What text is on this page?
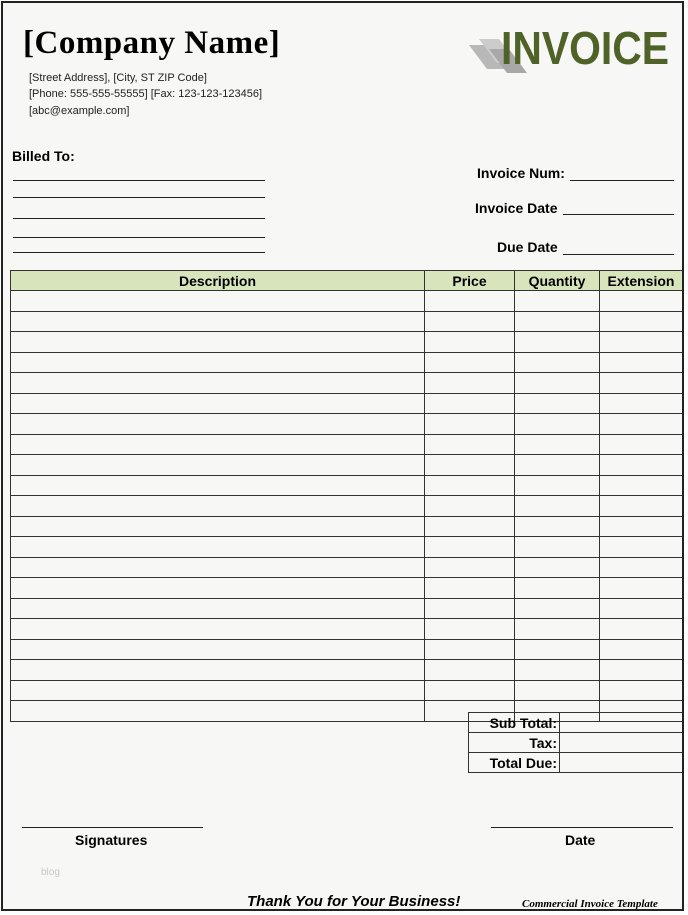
[Company Name]
[Street Address], [City, ST ZIP Code]
[Phone: 555-555-55555] [Fax: 123-123-123456]
[abc@example.com]
INVOICE
Billed To:
Invoice Num:
Invoice Date
Due Date
Description	Price	Quantity	Extension

Sub Total:	
Tax:	
Total Due:	
Signatures	Date
blog
Thank You for Your Business!	Commercial Invoice Template
